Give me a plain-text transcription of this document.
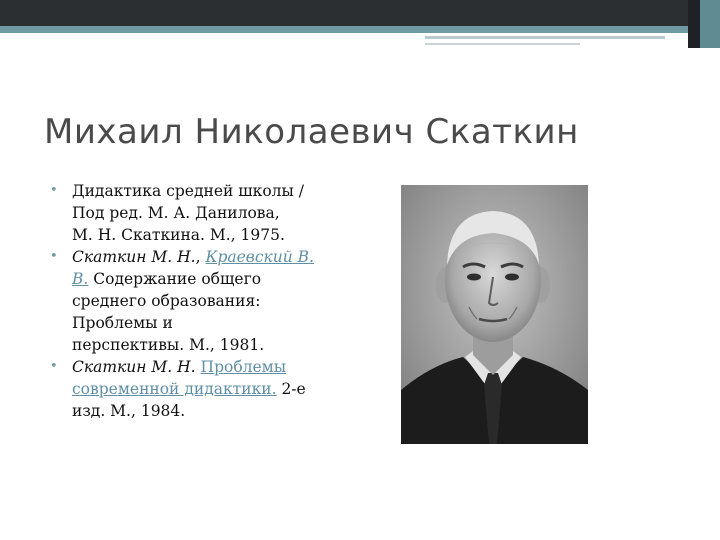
Михаил Николаевич Скаткин
• Дидактика средней школы /
Под ред. М. А. Данилова,
М. Н. Скаткина. М., 1975.
• Скаткин М. Н., Краевский В.
В. Содержание общего
среднего образования:
Проблемы и
перспективы. М., 1981.
• Скаткин М. Н. Проблемы
современной дидактики. 2-е
изд. М., 1984.
